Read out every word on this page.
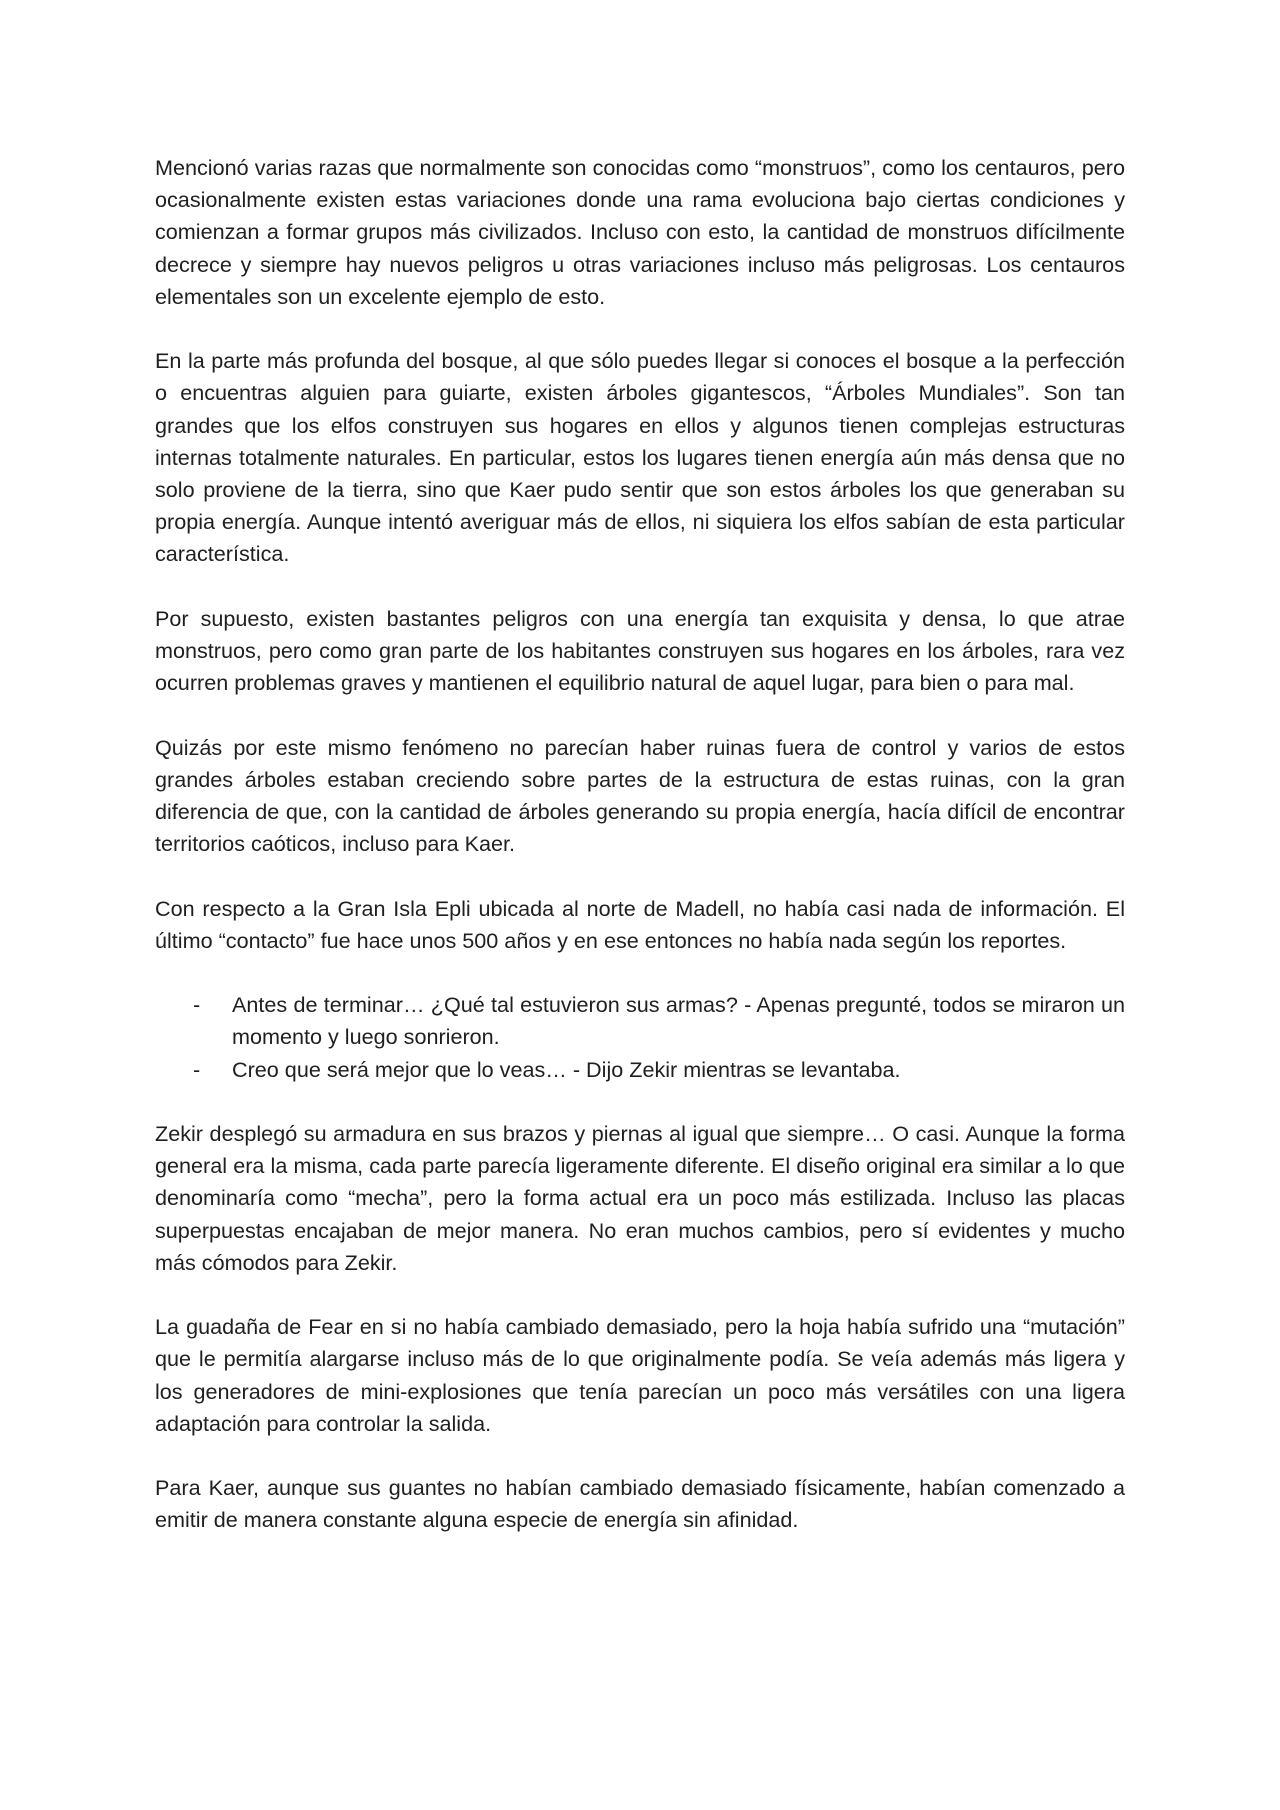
Mencionó varias razas que normalmente son conocidas como “monstruos”, como los centauros, pero ocasionalmente existen estas variaciones donde una rama evoluciona bajo ciertas condiciones y comienzan a formar grupos más civilizados. Incluso con esto, la cantidad de monstruos difícilmente decrece y siempre hay nuevos peligros u otras variaciones incluso más peligrosas. Los centauros elementales son un excelente ejemplo de esto.

En la parte más profunda del bosque, al que sólo puedes llegar si conoces el bosque a la perfección o encuentras alguien para guiarte, existen árboles gigantescos, “Árboles Mundiales”. Son tan grandes que los elfos construyen sus hogares en ellos y algunos tienen complejas estructuras internas totalmente naturales. En particular, estos los lugares tienen energía aún más densa que no solo proviene de la tierra, sino que Kaer pudo sentir que son estos árboles los que generaban su propia energía. Aunque intentó averiguar más de ellos, ni siquiera los elfos sabían de esta particular característica.

Por supuesto, existen bastantes peligros con una energía tan exquisita y densa, lo que atrae monstruos, pero como gran parte de los habitantes construyen sus hogares en los árboles, rara vez ocurren problemas graves y mantienen el equilibrio natural de aquel lugar, para bien o para mal.

Quizás por este mismo fenómeno no parecían haber ruinas fuera de control y varios de estos grandes árboles estaban creciendo sobre partes de la estructura de estas ruinas, con la gran diferencia de que, con la cantidad de árboles generando su propia energía, hacía difícil de encontrar territorios caóticos, incluso para Kaer.

Con respecto a la Gran Isla Epli ubicada al norte de Madell, no había casi nada de información. El último “contacto” fue hace unos 500 años y en ese entonces no había nada según los reportes.

- Antes de terminar… ¿Qué tal estuvieron sus armas? - Apenas pregunté, todos se miraron un momento y luego sonrieron.
- Creo que será mejor que lo veas… - Dijo Zekir mientras se levantaba.

Zekir desplegó su armadura en sus brazos y piernas al igual que siempre… O casi. Aunque la forma general era la misma, cada parte parecía ligeramente diferente. El diseño original era similar a lo que denominaría como “mecha”, pero la forma actual era un poco más estilizada. Incluso las placas superpuestas encajaban de mejor manera. No eran muchos cambios, pero sí evidentes y mucho más cómodos para Zekir.

La guadaña de Fear en si no había cambiado demasiado, pero la hoja había sufrido una “mutación” que le permitía alargarse incluso más de lo que originalmente podía. Se veía además más ligera y los generadores de mini-explosiones que tenía parecían un poco más versátiles con una ligera adaptación para controlar la salida.

Para Kaer, aunque sus guantes no habían cambiado demasiado físicamente, habían comenzado a emitir de manera constante alguna especie de energía sin afinidad.
